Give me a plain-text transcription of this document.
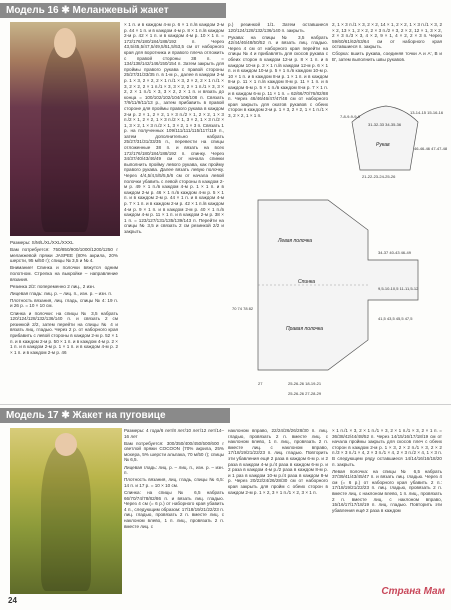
Модель 16 ✱ Меланжевый жакет

Размеры: S/M/L/XL/XXL/XXXL

Вам потребуется: 750/850/900/1000/1200/1250 г меланжевой пряжи JASPEE (80% акрила, 20% шерсти, 95 м/50 г); спицы № 3,5 и № 4.

Внимание! Спинка и полочки вяжутся одним полотном. Стрелка на выкройке – направление вязания.

Резинка 2/2: попеременно 2 лиц., 2 изн.

Лицевая гладь: лиц. р. – лиц. п., изн. р. – изн. п.

Плотность вязания, лиц. гладь, спицы № 4: 19 п. и 26 р. = 10 × 10 см.

Спинка и полочки: на спицы № 3,5 набрать 120/124/128/132/136/140 п. и связать 2 см резинкой 2/2, затем перейти на спицы № 4 и вязать лиц. гладью. Через 2 р. от наборного края прибавить с левой стороны в каждом 2-м р. 52 × 1 п. и в каждом 2-м р. 50 × 1 п. и в каждом 4-м р. 2 × 1 п. и в каждом 2-м р. 1 × 1 п. и в каждом 4-м р. 2 × 1 п. и в каждом 2-м р. 46

× 1 п. и в каждом 4-м р. 6 × 1 п./в каждом 2-м р. 44 × 1 п. и в каждом 4-м р. 8 × 1 п./в каждом 2-м р. 42 × 1 п. и в каждом 4-м р. 10 × 1 п. = 172/176/180/184/188/192 п. Через 43,5/45,5/47,5/49,5/51,5/53,5 см от наборного края для воротника и правого плеча отложить с правой стороны 38 п. = 134/138/142/146/150/154 п. Затем закрыть для проймы правого рукава с правой стороны 25/27/31/33/35 п. в 1-м р., далее в каждом 2-м р. 1 × 3, 2 × 2, 2 × 1 п./1 × 3, 2 × 2, 2 × 1 п./1 × 3, 2 × 2, 2 × 1 п./1 × 3, 3 × 2, 2 × 1 п./1 × 3, 3 × 2, 2 × 1 п./1 × 3, 3 × 2, 2 × 1 п. и вязать до конца = 100/102/102/104/106/108 п. Связать 7/9/11/9/11/13 р., затем прибавить в правой стороне для проймы правого рукава в каждом 2-м р. 2 × 1, 2 × 2, 1 × 3 п./2 × 1, 2 × 2, 1 × 3 п./2 × 1, 2 × 2, 1 × 3 п./2 × 1, 3 × 2, 1 × 3 п./2 × 1, 3 × 2, 1 × 3 п./2 × 1, 3 × 2, 1 × 3 п. Связать 1 р. на полученных 109/111/111/115/117/119 п., затем дополнительно набрать 25/27/31/31/33/35 п., перевести на спицы отложенные 38 п. и вязать на всех 172/176/180/184/188/192 п. спинку. Через 34/37/40/43/46/49 см от начала спинки выполнить пройму левого рукава, как пройму правого рукава. Далее вязать левую полочку. Через 4/4,5/4,5/5/5,5/6 см от начала левой полочки убавить с левой стороны в каждом 2-м р. 49 × 1 п./в каждом 4-м р. 1 × 1 п. и в каждом 2-м р. 46 × 1 п./в каждом 4-м р. 5 × 1 п. и в каждом 2-м р. 44 × 1 п. и в каждом 4-м р. 7 × 1 п. и в каждом 2-м р. 42 × 1 п./в каждом 4-м р. 9 × 1 п. и в каждом 2-м р. 40 × 1 п./в каждом 4-м р. 11 × 1 п. и в каждом 2-м р. 38 × 1 п. = 123/127/131/135/139/143 п. Перейти на спицы № 3,5 и связать 2 см резинкой 2/2 и закрыть.

р.) резинкой 1/1. Затем оставшиеся 120/124/128/132/136/140 п. закрыть.

Рукава: на спицы № 3,5 набрать 42/44/46/48/50/52 п. и вязать лиц. гладью. Через 4 см от наборного края перейти на спицы № 4 и прибавлять для скосов рукава с обеих сторон в каждом 12-м р. 8 × 1 п. и в каждом 10-м р. 2 × 1 п./в каждом 12-м р. 6 × 1 п. и в каждом 10-м р. 5 × 1 п./в каждом 10-м р. 10 × 1 п. и в каждом 8-м р. 1 × 1 п. и в каждом 8-м р. 11 × 1 п./в каждом 8-м р. 11 × 1 п. и в каждом 6-м р. 5 × 1 п./в каждом 8-м р. 7 × 1 п. и в каждом 6-м р. 11 × 1 п. = 62/66/70/76/82/88 п. Через 46/46/46/47/47/48 см от наборного края закрыть для окатов рукавов с обеих сторон в каждом 2-м р. 1 × 3, 2 × 2, 1 × 1 п./1 × 3, 2 × 2, 1 × 1 п.

2, 1 × 3 п./1 × 3, 2 × 2, 14 × 1, 2 × 2, 1 × 3 п./1 × 3, 2 × 2, 13 × 1, 2 × 2, 2 × 3 п./2 × 3, 2 × 2, 12 × 1, 3 × 2, 2 × 3 п./3 × 3, 4 × 2, 9 × 1, 4 × 2, 2 × 3 п. Через 59/60/61/62/63/64 см от наборного края оставшиеся п. закрыть.

Сборка: вшить рукава, соединяя точки A и A', B и B', затем выполнить швы рукавов.

7-8-9-9-9-9
13-14-15 15-16-16
31-32-33 34-35-36
Рукав
46-46-46 47-47-48
21-22-23-24-25-26
Левая полочка
Спинка
Правая полочка
34-37 40-43 46-49
9,5-10-10,5 11-11,5-12
41,5 43,5 45,5 47,5
70 74 78 82
27	25-26-26 18-19-21
25-26-26 27-28-29
Модель 17 ✱ Жакет на пуговице

Размеры: 4 года/6 лет/8 лет/10 лет/12 лет/14–16 лет

Вам потребуется: 300/350/400/450/500/600 г светлой пряжи COCOON (70% акрила, 25% мохера, 5% шерсти альпака, 70 м/50 г); спицы № 6,5.

Лицевая гладь: лиц. р. – лиц. п., изн. р. – изн. п.

Плотность вязания, лиц. гладь, спицы № 6,5: 14 п. и 17 р. = 10 × 10 см.

Спинка: на спицы № 6,5 набрать 66/70/74/78/82/86 п. и вязать лиц. гладью. Через 4 см (= 6 р.) от наборного края убавить 4 п., следующим образом: 17/18/19/21/22/23 п. лиц. гладью, провязать 2 п. вместе лиц. с наклоном влево, 1 п. лиц., провязать 2 п. вместе лиц. с

наклоном вправо, 22/24/26/26/28/30 п. лиц. гладью, провязать 2 п. вместе лиц. с наклоном влево, 1 п. лиц., провязать 2 п. вместе лиц. с наклоном вправо, 17/18/19/21/22/23 п. лиц. гладью. Повторить эти убавления ещё 2 раза в каждом 6-м р. и 2 раза в каждом 4-м р./4 раза в каждом 6-м р. и 2 раза в каждом 4-м р./2 раза в каждом 8-м р. и 1 раз в каждом 10-м р./4 раза в каждом 8-м р. Через 20/22/24/26/28/30 см от наборного края закрыть для пройм с обеих сторон в каждом 2-м р. 1 × 2, 3 × 1 п./1 × 2, 3 × 1 п.

× 1 п./1 × 3, 2 × 1 п./1 × 3, 2 × 1 п./1 × 3, 2 × 1 п. = 36/38/42/44/48/52 п. Через 14/15/16/17/18/19 см от начала проймы закрыть для скосов плеч с обеих сторон в каждом 2-м р. 1 × 3, 2 × 2 п./1 × 3, 2 × 2 п./3 × 3 п./1 × 4, 2 × 3 п./1 × 4, 2 × 3 п./2 × 4, 1 × 3 п. В следующем ряду оставшиеся 14/14/16/16/18/20 п. закрыть.

Левая полочка: на спицы № 6,5 набрать 37/39/41/43/45/47 п. и вязать лиц. гладью. Через 4 см (= 6 р.) от наборного края убавить 2 п.: 17/18/19/21/22/23 п. лиц. гладью, провязать 2 п. вместе лиц. с наклоном влево, 1 п. лиц., провязать 2 п. вместе лиц. с наклоном вправо, 15/16/17/17/18/19 п. лиц. гладью. Повторить эти убавления ещё 2 раза в каждом

24
Страна Мам
